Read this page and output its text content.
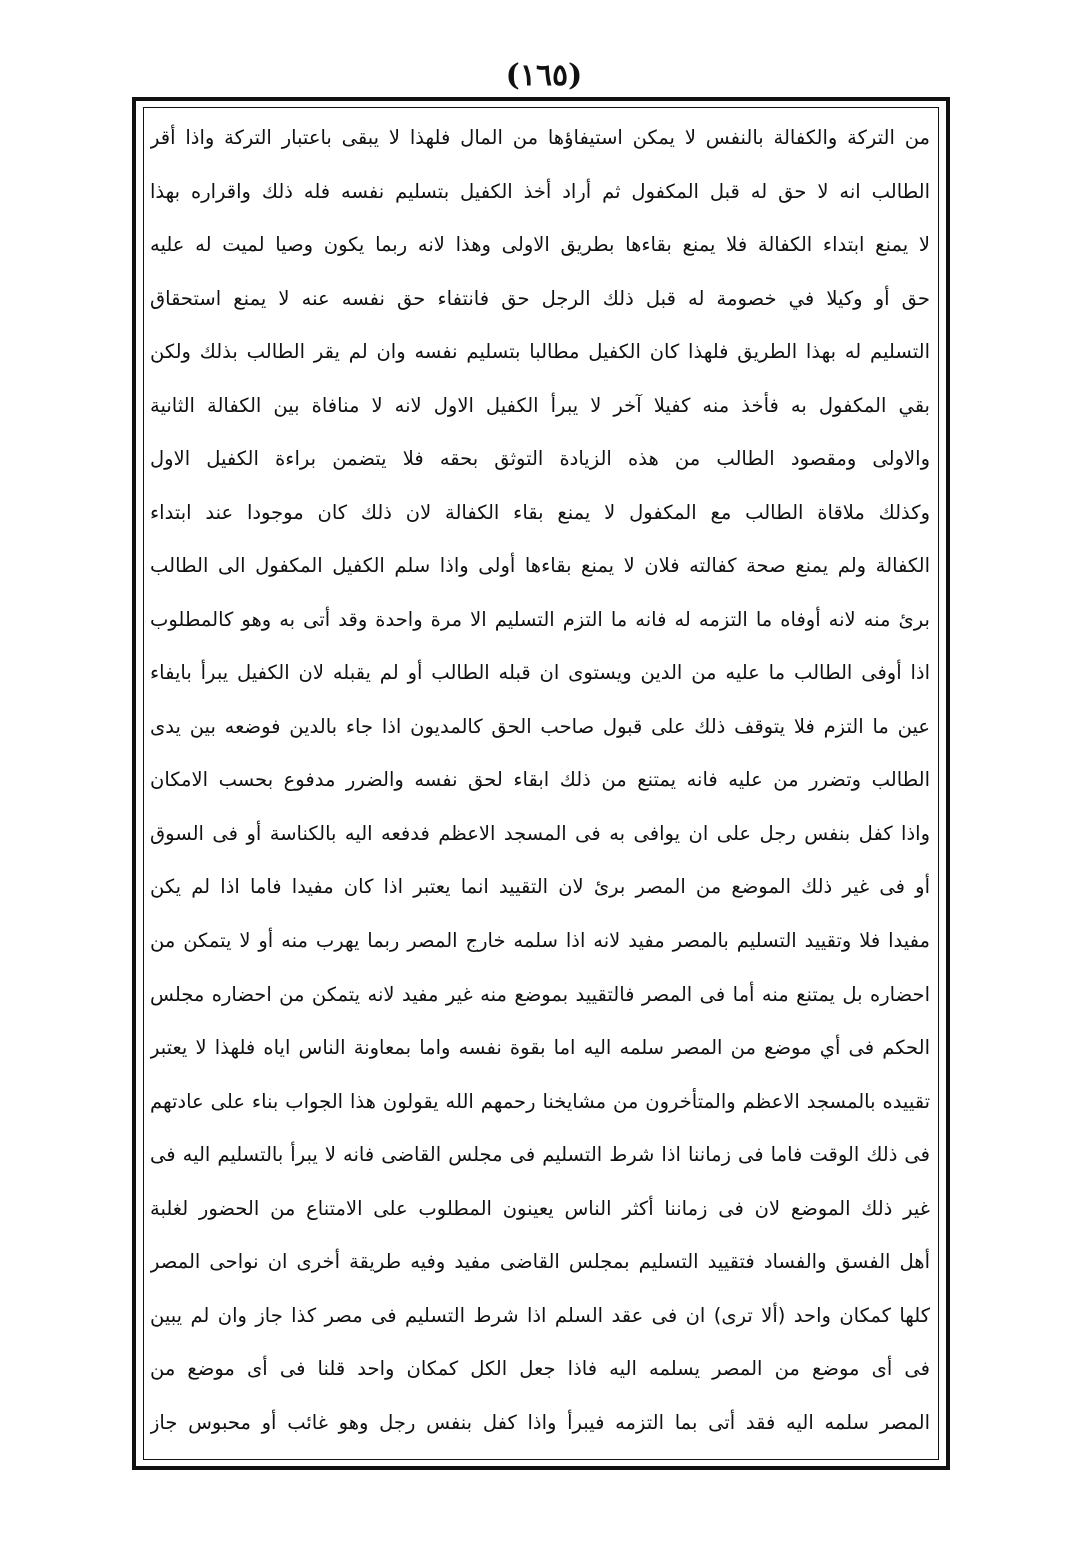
(١٦٥)
من التركة والكفالة بالنفس لا يمكن استيفاؤها من المال فلهذا لا يبقى باعتبار التركة واذا أقر
الطالب انه لا حق له قبل المكفول ثم أراد أخذ الكفيل بتسليم نفسه فله ذلك واقراره بهذا
لا يمنع ابتداء الكفالة فلا يمنع بقاءها بطريق الاولى وهذا لانه ربما يكون وصيا لميت له عليه
حق أو وكيلا في خصومة له قبل ذلك الرجل حق فانتفاء حق نفسه عنه لا يمنع استحقاق
التسليم له بهذا الطريق فلهذا كان الكفيل مطالبا بتسليم نفسه وان لم يقر الطالب بذلك ولكن
بقي المكفول به فأخذ منه كفيلا آخر لا يبرأ الكفيل الاول لانه لا منافاة بين الكفالة الثانية
والاولى ومقصود الطالب من هذه الزيادة التوثق بحقه فلا يتضمن براءة الكفيل الاول
وكذلك ملاقاة الطالب مع المكفول لا يمنع بقاء الكفالة لان ذلك كان موجودا عند ابتداء
الكفالة ولم يمنع صحة كفالته فلان لا يمنع بقاءها أولى واذا سلم الكفيل المكفول الى الطالب
برئ منه لانه أوفاه ما التزمه له فانه ما التزم التسليم الا مرة واحدة وقد أتى به وهو كالمطلوب
اذا أوفى الطالب ما عليه من الدين ويستوى ان قبله الطالب أو لم يقبله لان الكفيل يبرأ بايفاء
عين ما التزم فلا يتوقف ذلك على قبول صاحب الحق كالمديون اذا جاء بالدين فوضعه بين يدى
الطالب وتضرر من عليه فانه يمتنع من ذلك ابقاء لحق نفسه والضرر مدفوع بحسب الامكان
واذا كفل بنفس رجل على ان يوافى به فى المسجد الاعظم فدفعه اليه بالكناسة أو فى السوق
أو فى غير ذلك الموضع من المصر برئ لان التقييد انما يعتبر اذا كان مفيدا فاما اذا لم يكن
مفيدا فلا وتقييد التسليم بالمصر مفيد لانه اذا سلمه خارج المصر ربما يهرب منه أو لا يتمكن من
احضاره بل يمتنع منه أما فى المصر فالتقييد بموضع منه غير مفيد لانه يتمكن من احضاره مجلس
الحكم فى أي موضع من المصر سلمه اليه اما بقوة نفسه واما بمعاونة الناس اياه فلهذا لا يعتبر
تقييده بالمسجد الاعظم والمتأخرون من مشايخنا رحمهم الله يقولون هذا الجواب بناء على عادتهم
فى ذلك الوقت فاما فى زماننا اذا شرط التسليم فى مجلس القاضى فانه لا يبرأ بالتسليم اليه فى
غير ذلك الموضع لان فى زماننا أكثر الناس يعينون المطلوب على الامتناع من الحضور لغلبة
أهل الفسق والفساد فتقييد التسليم بمجلس القاضى مفيد وفيه طريقة أخرى ان نواحى المصر
كلها كمكان واحد (ألا ترى) ان فى عقد السلم اذا شرط التسليم فى مصر كذا جاز وان لم يبين
فى أى موضع من المصر يسلمه اليه فاذا جعل الكل كمكان واحد قلنا فى أى موضع من
المصر سلمه اليه فقد أتى بما التزمه فيبرأ واذا كفل بنفس رجل وهو غائب أو محبوس جاز
